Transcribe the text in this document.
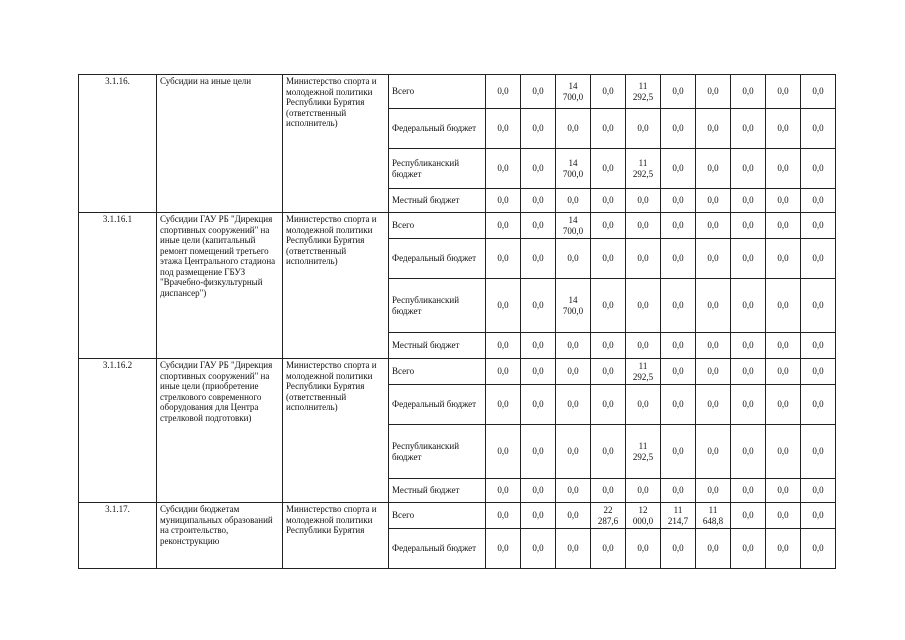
3.1.16.	Субсидии на иные цели	Министерство спорта и молодежной политики Республики Бурятия (ответственный исполнитель)	Всего	0,0	0,0	14 700,0	0,0	11 292,5	0,0	0,0	0,0	0,0	0,0
			Федеральный бюджет	0,0	0,0	0,0	0,0	0,0	0,0	0,0	0,0	0,0	0,0
			Республиканский бюджет	0,0	0,0	14 700,0	0,0	11 292,5	0,0	0,0	0,0	0,0	0,0
			Местный бюджет	0,0	0,0	0,0	0,0	0,0	0,0	0,0	0,0	0,0	0,0
3.1.16.1	Субсидии ГАУ РБ "Дирекция спортивных сооружений" на иные цели (капитальный ремонт помещений третьего этажа Центрального стадиона под размещение ГБУЗ "Врачебно-физкультурный диспансер")	Министерство спорта и молодежной политики Республики Бурятия (ответственный исполнитель)	Всего	0,0	0,0	14 700,0	0,0	0,0	0,0	0,0	0,0	0,0	0,0
			Федеральный бюджет	0,0	0,0	0,0	0,0	0,0	0,0	0,0	0,0	0,0	0,0
			Республиканский бюджет	0,0	0,0	14 700,0	0,0	0,0	0,0	0,0	0,0	0,0	0,0
			Местный бюджет	0,0	0,0	0,0	0,0	0,0	0,0	0,0	0,0	0,0	0,0
3.1.16.2	Субсидии ГАУ РБ "Дирекция спортивных сооружений" на иные цели (приобретение стрелкового современного оборудования для Центра стрелковой подготовки)	Министерство спорта и молодежной политики Республики Бурятия (ответственный исполнитель)	Всего	0,0	0,0	0,0	0,0	11 292,5	0,0	0,0	0,0	0,0	0,0
			Федеральный бюджет	0,0	0,0	0,0	0,0	0,0	0,0	0,0	0,0	0,0	0,0
			Республиканский бюджет	0,0	0,0	0,0	0,0	11 292,5	0,0	0,0	0,0	0,0	0,0
			Местный бюджет	0,0	0,0	0,0	0,0	0,0	0,0	0,0	0,0	0,0	0,0
3.1.17.	Субсидии бюджетам муниципальных образований на строительство, реконструкцию	Министерство спорта и молодежной политики Республики Бурятия	Всего	0,0	0,0	0,0	22 287,6	12 000,0	11 214,7	11 648,8	0,0	0,0	0,0
			Федеральный бюджет	0,0	0,0	0,0	0,0	0,0	0,0	0,0	0,0	0,0	0,0
